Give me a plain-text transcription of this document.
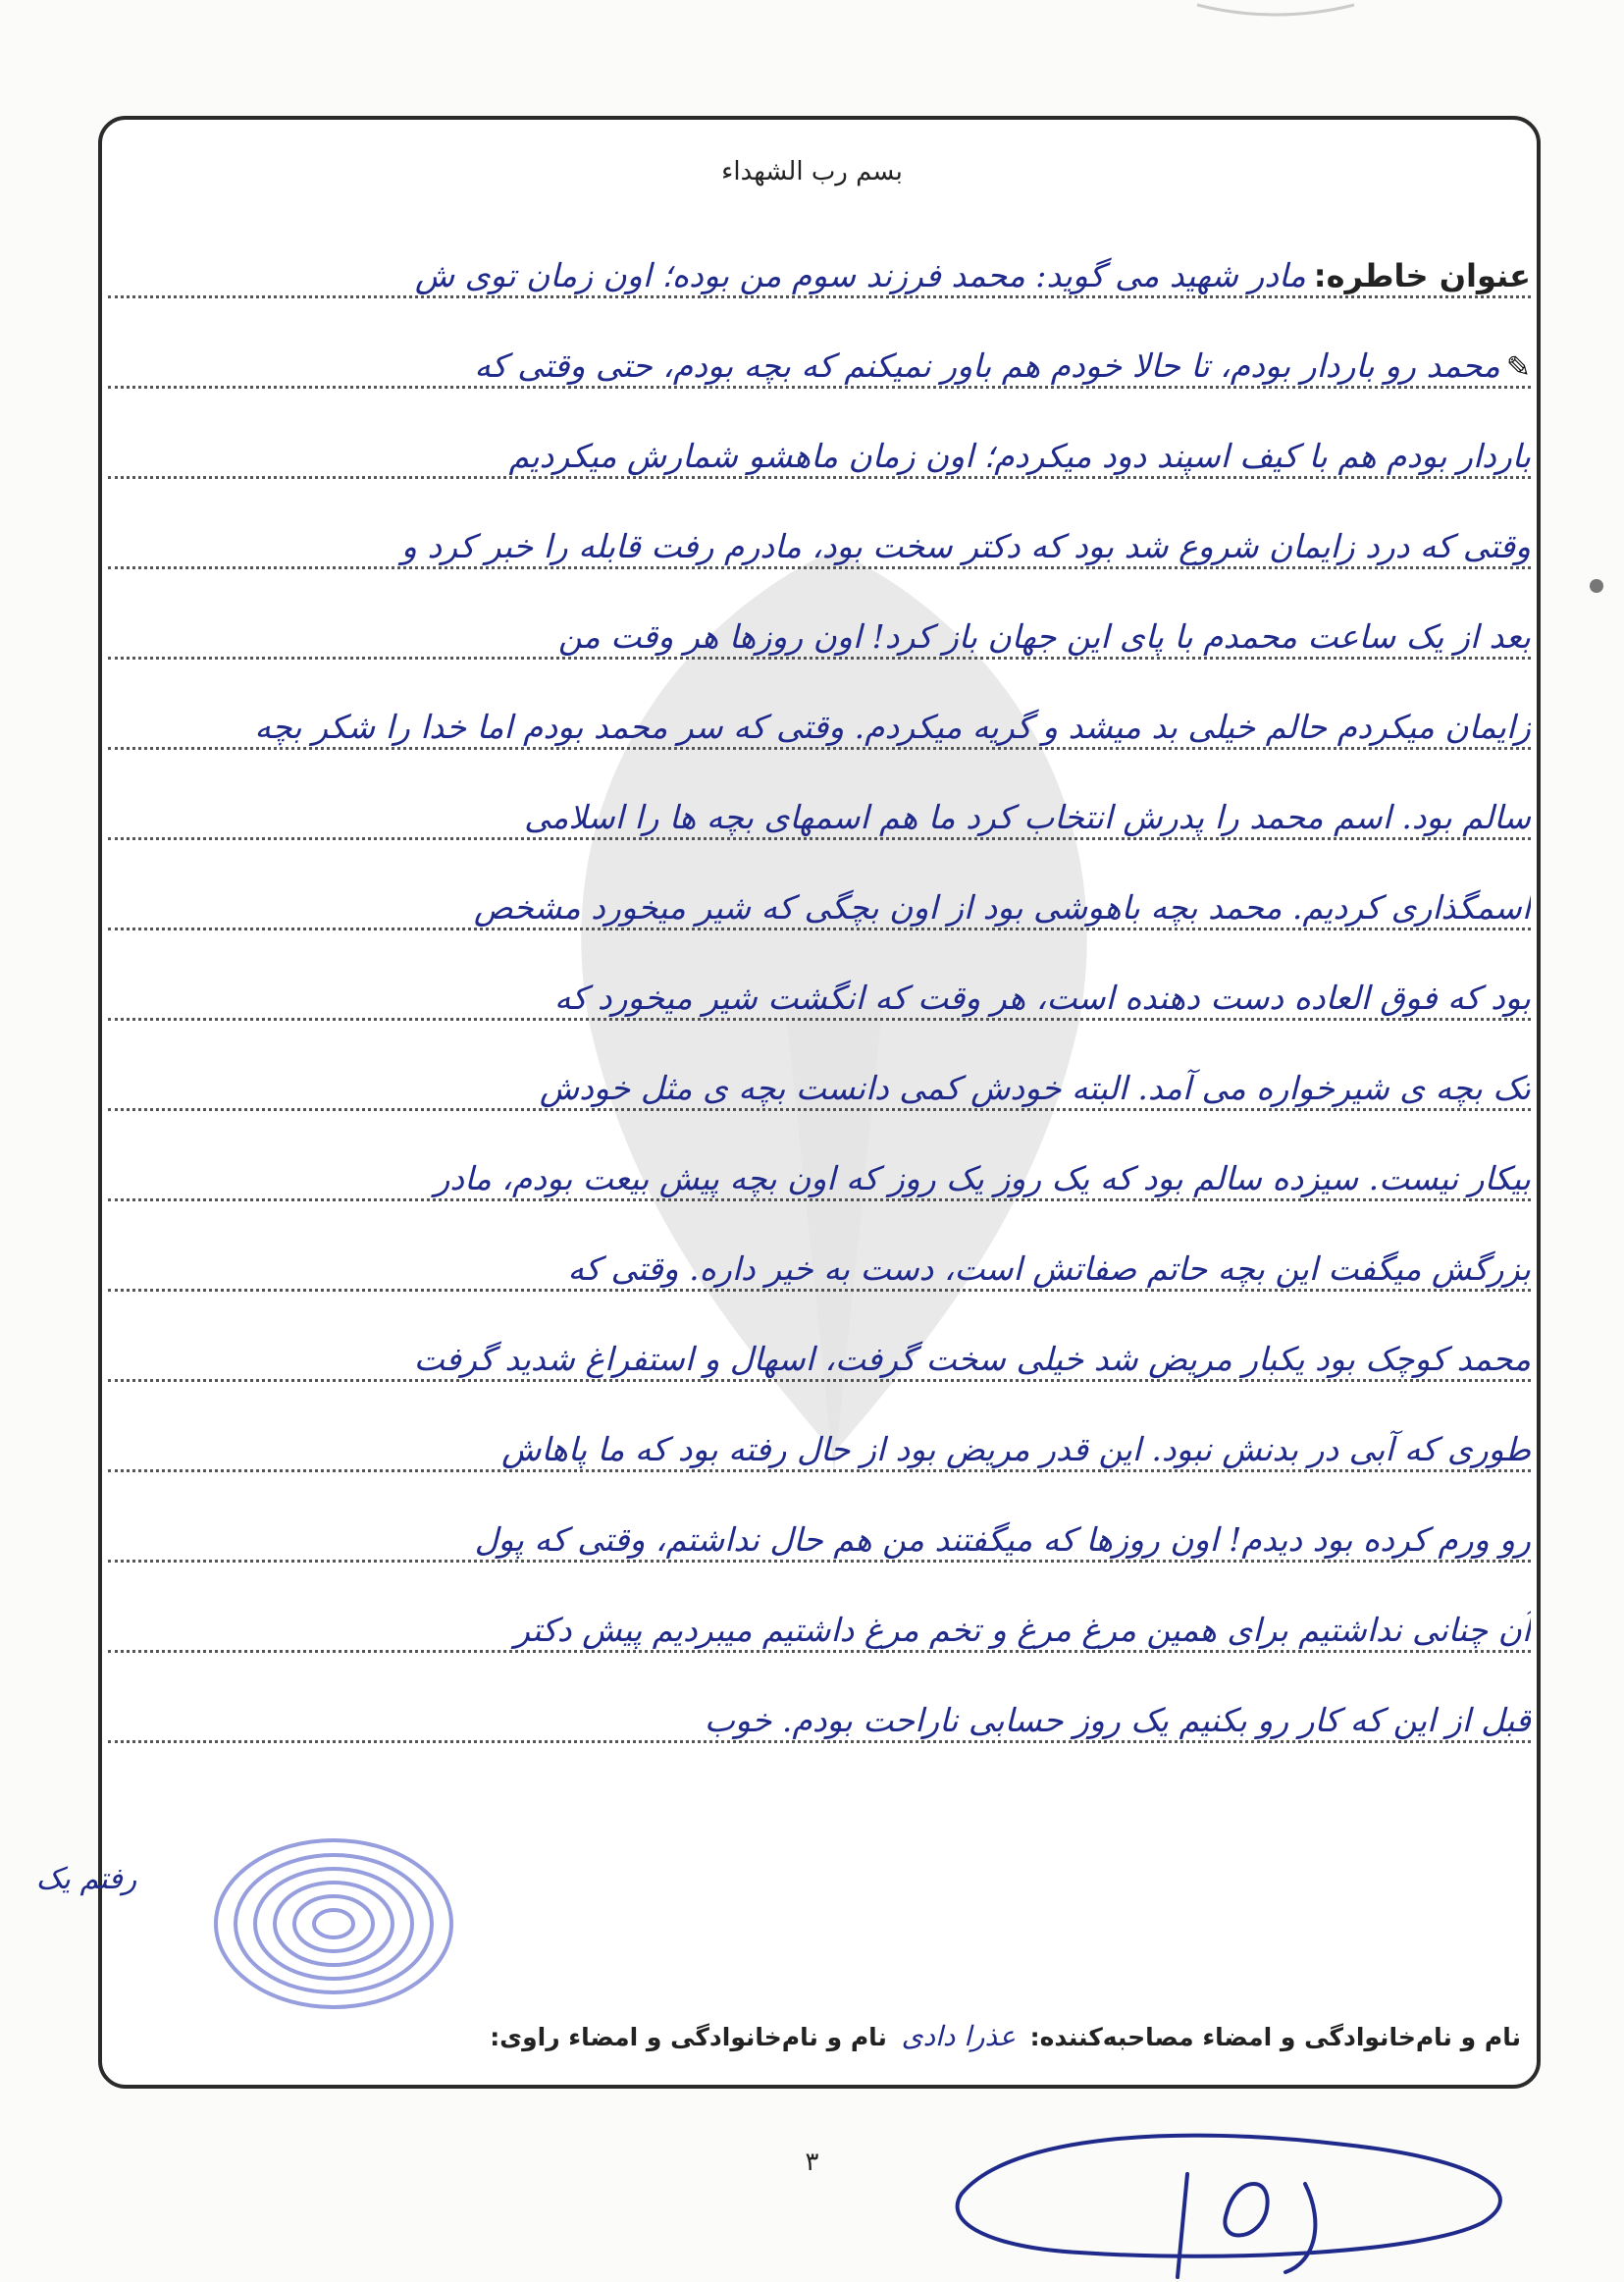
بسم رب الشهداء
عنوان خاطره:مادر شهید می گوید: محمد فرزند سوم من بوده؛ اون زمان توی ش
✎محمد رو باردار بودم، تا حالا خودم هم باور نمیکنم که بچه بودم، حتی وقتی که
باردار بودم هم با کیف اسپند دود میکردم؛ اون زمان ماهشو شمارش میکردیم
وقتی که درد زایمان شروع شد بود که دکتر سخت بود، مادرم رفت قابله را خبر کرد و
بعد از یک ساعت محمدم با پای این جهان باز کرد! اون روزها هر وقت من
زایمان میکردم حالم خیلی بد میشد و گریه میکردم. وقتی که سر محمد بودم اما خدا را شکر بچه
سالم بود. اسم محمد را پدرش انتخاب کرد ما هم اسمهای بچه ها را اسلامی
اسمگذاری کردیم. محمد بچه باهوشی بود از اون بچگی که شیر میخورد مشخص
بود که فوق العاده دست دهنده است، هر وقت که انگشت شیر میخورد که
تک بچه ی شیرخواره می آمد. البته خودش کمی دانست بچه ی مثل خودش
بیکار نیست. سیزده سالم بود که یک روز یک روز که اون بچه پیش بیعت بودم، مادر
بزرگش میگفت این بچه حاتم صفاتش است، دست به خیر داره. وقتی که
محمد کوچک بود یکبار مریض شد خیلی سخت گرفت، اسهال و استفراغ شدید گرفت
طوری که آبی در بدنش نبود. این قدر مریض بود از حال رفته بود که ما پاهاش
رو ورم کرده بود دیدم! اون روزها که میگفتند من هم حال نداشتم، وقتی که پول
آن چنانی نداشتیم برای همین مرغ مرغ و تخم مرغ داشتیم میبردیم پیش دکتر
قبل از این که کار رو بکنیم یک روز حسابی ناراحت بودم. خوب
رفتم یک
نام و نام‌خانوادگی و امضاء مصاحبه‌کننده: عذرا دادی نام و نام‌خانوادگی و امضاء راوی:
۳
